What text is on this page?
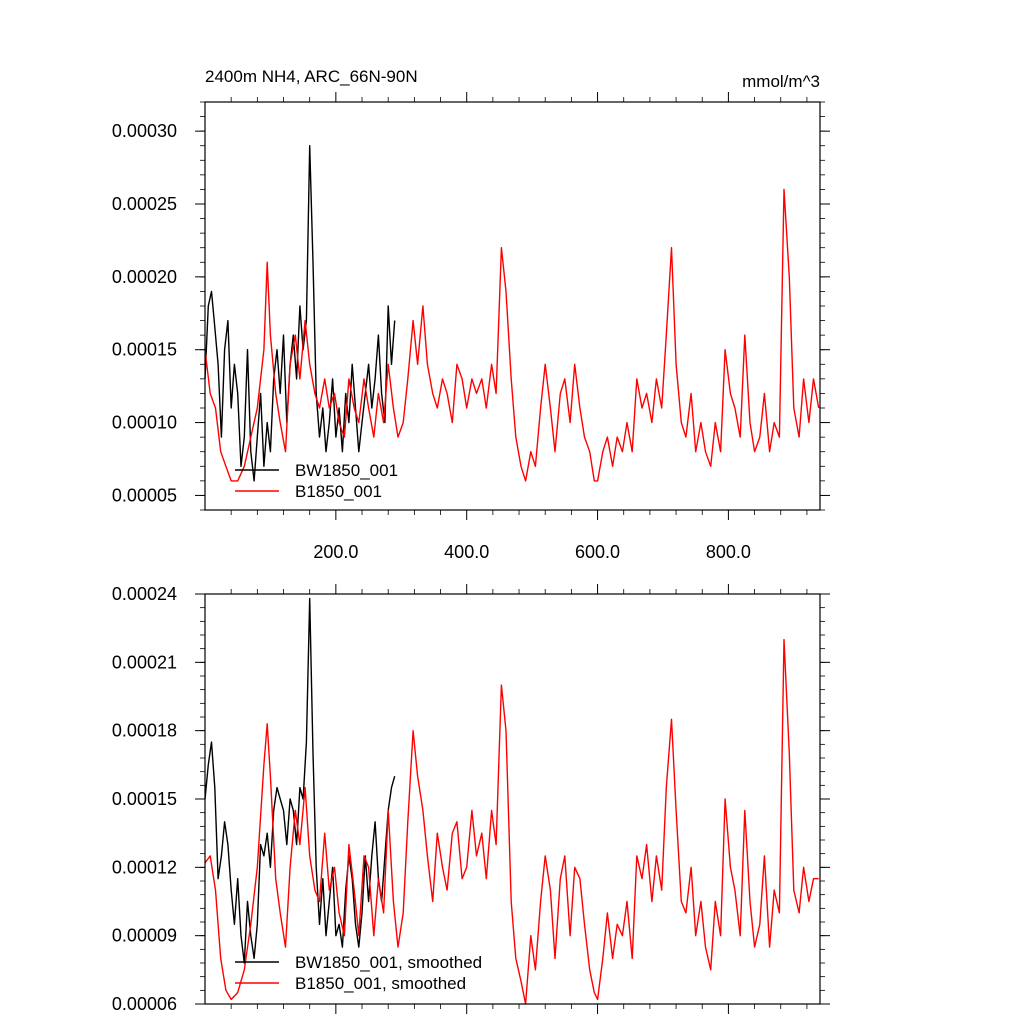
2400m NH4, ARC_66N-90N	mmol/m^3
0.00005
0.00010
0.00015
0.00020
0.00025
0.00030
200.0	400.0	600.0	800.0
BW1850_001
B1850_001
0.00006
0.00009
0.00012
0.00015
0.00018
0.00021
0.00024
BW1850_001, smoothed
B1850_001, smoothed
